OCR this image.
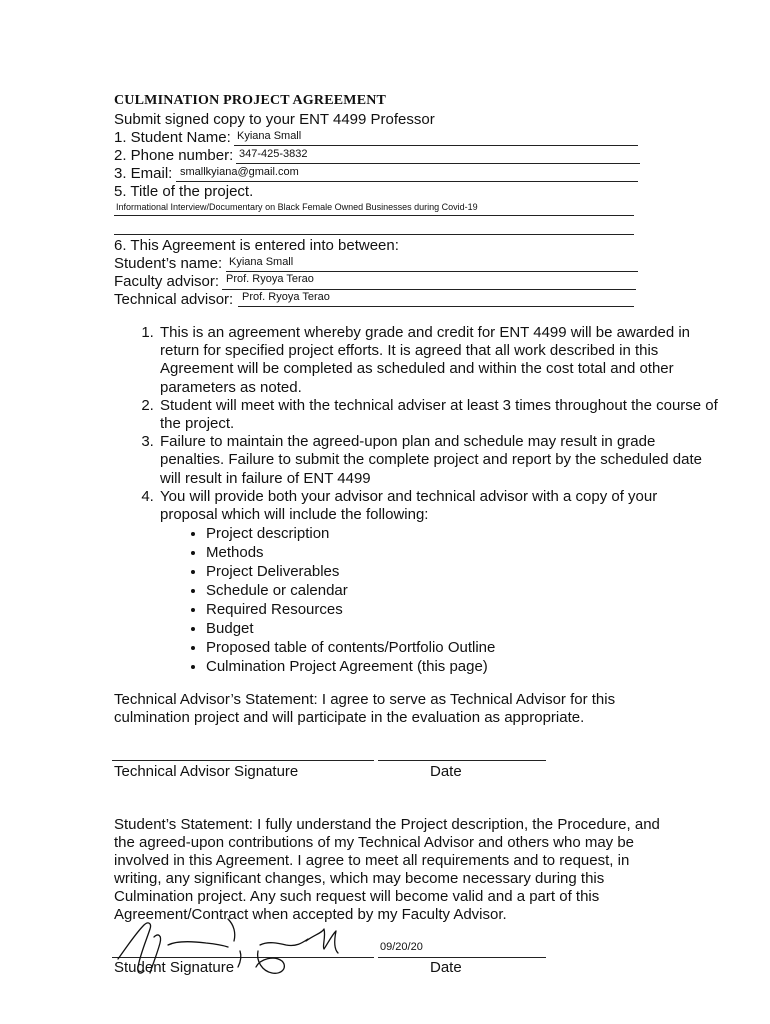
CULMINATION PROJECT AGREEMENT
Submit signed copy to your ENT 4499 Professor
1. Student Name: Kyiana Small
2. Phone number: 347-425-3832
3. Email: smallkyiana@gmail.com
5. Title of the project.
Informational Interview/Documentary on Black Female Owned Businesses during Covid-19
6. This Agreement is entered into between:
Student’s name: Kyiana Small
Faculty advisor: Prof. Ryoya Terao
Technical advisor: Prof. Ryoya Terao
1. This is an agreement whereby grade and credit for ENT 4499 will be awarded in return for specified project efforts. It is agreed that all work described in this Agreement will be completed as scheduled and within the cost total and other parameters as noted.
2. Student will meet with the technical adviser at least 3 times throughout the course of the project.
3. Failure to maintain the agreed-upon plan and schedule may result in grade penalties. Failure to submit the complete project and report by the scheduled date will result in failure of ENT 4499
4. You will provide both your advisor and technical advisor with a copy of your proposal which will include the following:
• Project description
• Methods
• Project Deliverables
• Schedule or calendar
• Required Resources
• Budget
• Proposed table of contents/Portfolio Outline
• Culmination Project Agreement (this page)
Technical Advisor’s Statement: I agree to serve as Technical Advisor for this culmination project and will participate in the evaluation as appropriate.
Technical Advisor Signature	Date
Student’s Statement: I fully understand the Project description, the Procedure, and the agreed-upon contributions of my Technical Advisor and others who may be involved in this Agreement. I agree to meet all requirements and to request, in writing, any significant changes, which may become necessary during this Culmination project. Any such request will become valid and a part of this Agreement/Contract when accepted by my Faculty Advisor.
09/20/20
Student Signature	Date
